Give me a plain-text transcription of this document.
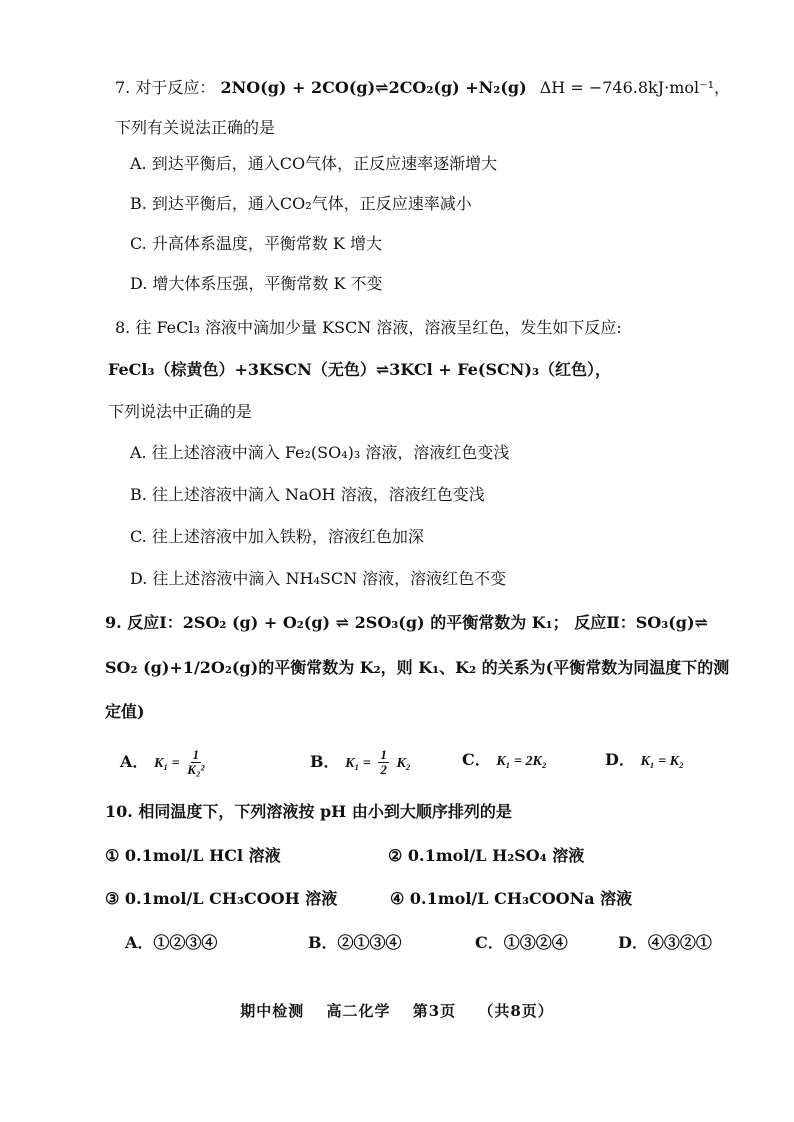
7. 对于反应： 2NO(g) + 2CO(g)⇌2CO₂(g) +N₂(g) ΔH = −746.8kJ·mol⁻¹，
下列有关说法正确的是
A. 到达平衡后，通入CO气体，正反应速率逐渐增大
B. 到达平衡后，通入CO₂气体，正反应速率减小
C. 升高体系温度，平衡常数 K 增大
D. 增大体系压强，平衡常数 K 不变
8. 往 FeCl₃ 溶液中滴加少量 KSCN 溶液，溶液呈红色，发生如下反应:
FeCl₃（棕黄色）+3KSCN（无色）⇌3KCl + Fe(SCN)₃（红色），
下列说法中正确的是
A. 往上述溶液中滴入 Fe₂(SO₄)₃ 溶液，溶液红色变浅
B. 往上述溶液中滴入 NaOH 溶液，溶液红色变浅
C. 往上述溶液中加入铁粉，溶液红色加深
D. 往上述溶液中滴入 NH₄SCN 溶液，溶液红色不变
9. 反应Ⅰ：2SO₂ (g) + O₂(g) ⇌ 2SO₃(g) 的平衡常数为 K₁； 反应Ⅱ：SO₃(g)⇌
SO₂ (g)+1/2O₂(g)的平衡常数为 K₂，则 K₁、K₂ 的关系为(平衡常数为同温度下的测
定值)
A． $K_1 = \frac{1}{\text{K₂²}}$	B． $K_1 = \frac{1}{2} K_2$	C． K₁ = 2K₂	D． K₁ = K₂
10. 相同温度下，下列溶液按 pH 由小到大顺序排列的是
① 0.1mol/L HCl 溶液	② 0.1mol/L H₂SO₄ 溶液
③ 0.1mol/L CH₃COOH 溶液	④ 0.1mol/L CH₃COONa 溶液
A．①②③④	B．②①③④	C．①③②④	D．④③②①
期中检测 高二化学 第3页 （共8页）
